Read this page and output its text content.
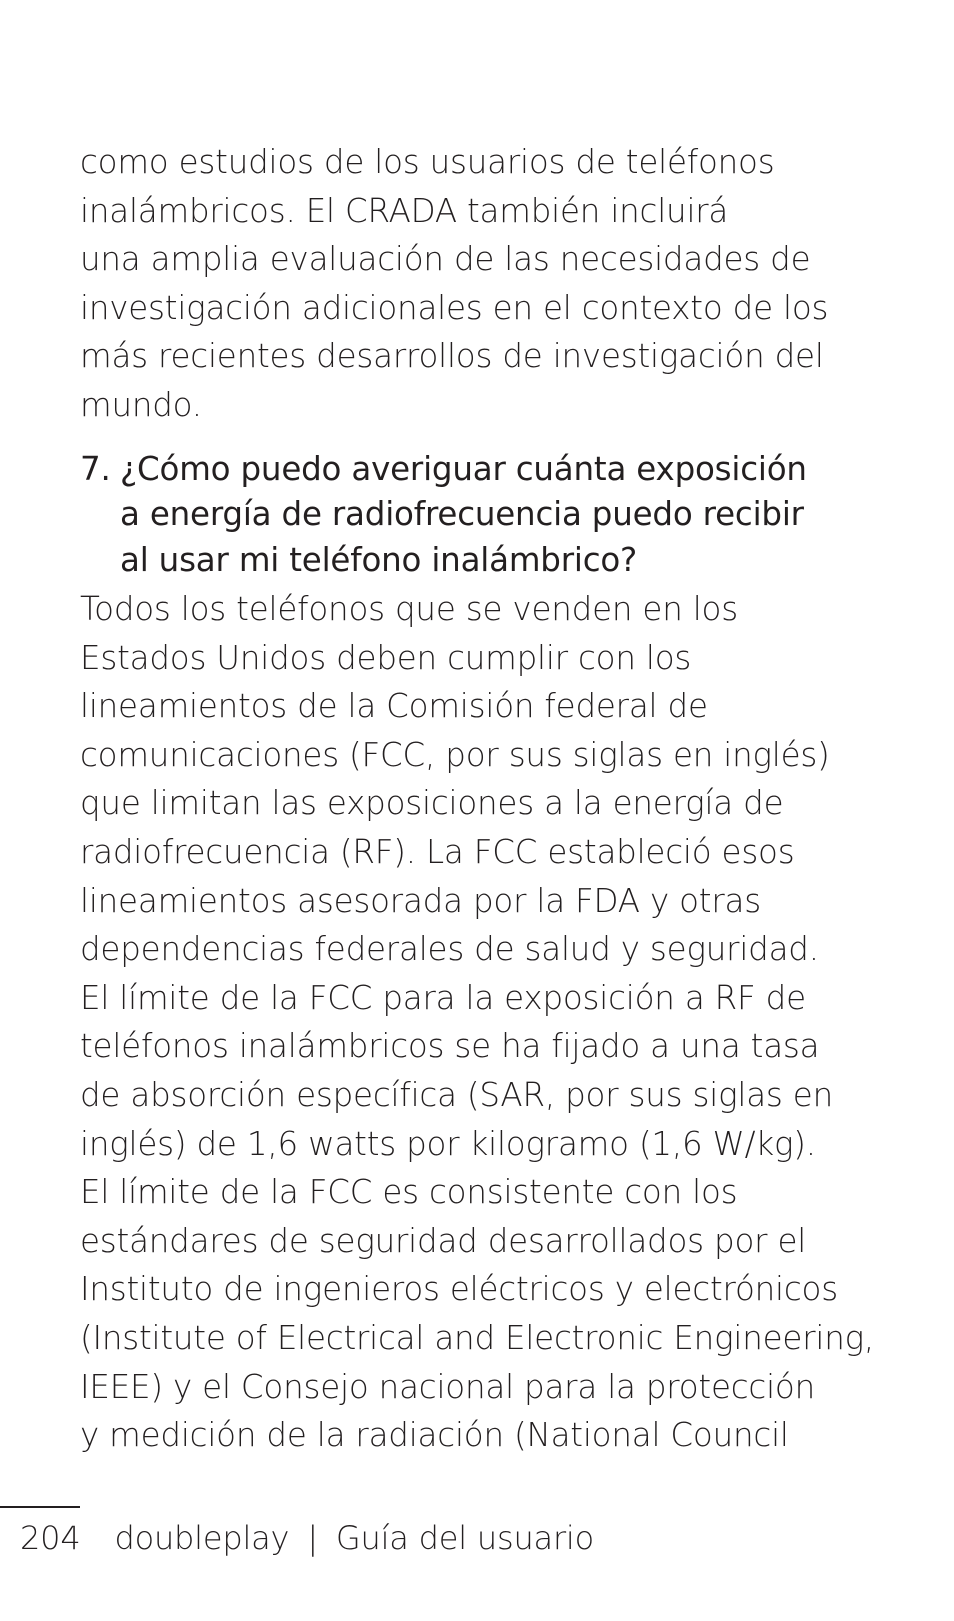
como estudios de los usuarios de teléfonos
inalámbricos. El CRADA también incluirá
una amplia evaluación de las necesidades de
investigación adicionales en el contexto de los
más recientes desarrollos de investigación del
mundo.

7. ¿Cómo puedo averiguar cuánta exposición
a energía de radiofrecuencia puedo recibir
al usar mi teléfono inalámbrico?

Todos los teléfonos que se venden en los
Estados Unidos deben cumplir con los
lineamientos de la Comisión federal de
comunicaciones (FCC, por sus siglas en inglés)
que limitan las exposiciones a la energía de
radiofrecuencia (RF). La FCC estableció esos
lineamientos asesorada por la FDA y otras
dependencias federales de salud y seguridad.
El límite de la FCC para la exposición a RF de
teléfonos inalámbricos se ha fijado a una tasa
de absorción específica (SAR, por sus siglas en
inglés) de 1,6 watts por kilogramo (1,6 W/kg).
El límite de la FCC es consistente con los
estándares de seguridad desarrollados por el
Instituto de ingenieros eléctricos y electrónicos
(Institute of Electrical and Electronic Engineering,
IEEE) y el Consejo nacional para la protección
y medición de la radiación (National Council

204 doubleplay | Guía del usuario
